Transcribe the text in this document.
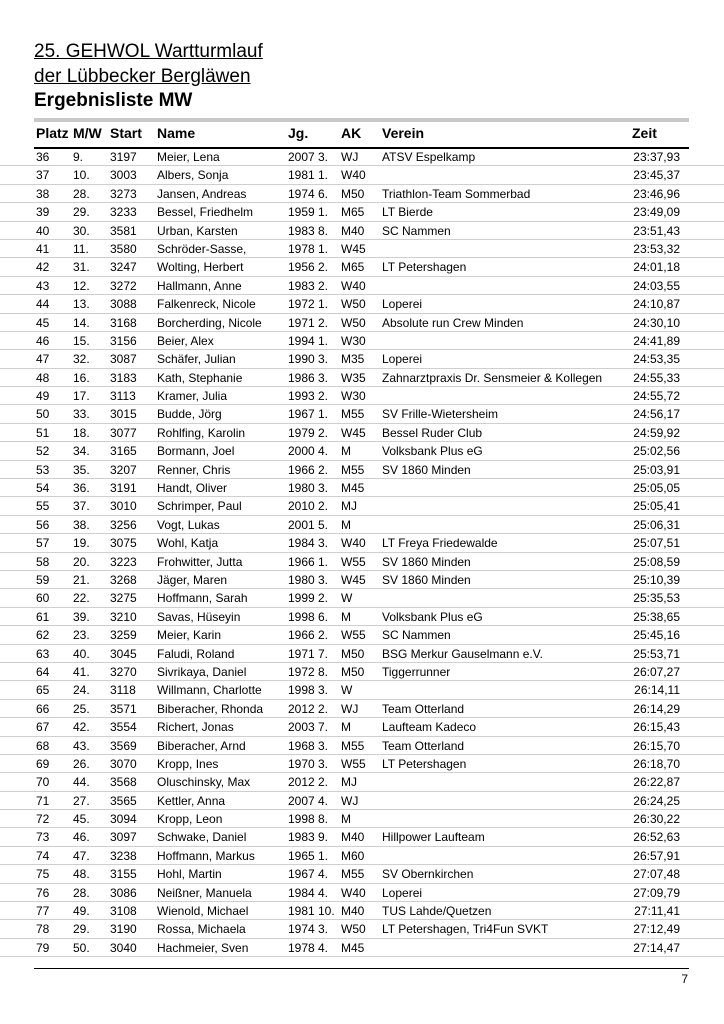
25. GEHWOL Wartturmlauf
der Lübbecker Bergläwen
Ergebnisliste MW
Platz M/W Start Name	Jg. AK Verein	Zeit
36 9. 3197 Meier, Lena	2007 3. WJ ATSV Espelkamp	23:37,93
37 10. 3003 Albers, Sonja	1981 1. W40	23:45,37
38 28. 3273 Jansen, Andreas	1974 6. M50 Triathlon-Team Sommerbad	23:46,96
39 29. 3233 Bessel, Friedhelm	1959 1. M65 LT Bierde	23:49,09
40 30. 3581 Urban, Karsten	1983 8. M40 SC Nammen	23:51,43
41 11. 3580 Schröder-Sasse,	1978 1. W45	23:53,32
42 31. 3247 Wolting, Herbert	1956 2. M65 LT Petershagen	24:01,18
43 12. 3272 Hallmann, Anne	1983 2. W40	24:03,55
44 13. 3088 Falkenreck, Nicole	1972 1. W50 Loperei	24:10,87
45 14. 3168 Borcherding, Nicole 1971 2. W50 Absolute run Crew Minden	24:30,10
46 15. 3156 Beier, Alex	1994 1. W30	24:41,89
47 32. 3087 Schäfer, Julian	1990 3. M35 Loperei	24:53,35
48 16. 3183 Kath, Stephanie	1986 3. W35 Zahnarztpraxis Dr. Sensmeier & Kollegen	24:55,33
49 17. 3113 Kramer, Julia	1993 2. W30	24:55,72
50 33. 3015 Budde, Jörg	1967 1. M55 SV Frille-Wietersheim	24:56,17
51 18. 3077 Rohlfing, Karolin	1979 2. W45 Bessel Ruder Club	24:59,92
52 34. 3165 Bormann, Joel	2000 4. M	Volksbank Plus eG	25:02,56
53 35. 3207 Renner, Chris	1966 2. M55 SV 1860 Minden	25:03,91
54 36. 3191 Handt, Oliver	1980 3. M45	25:05,05
55 37. 3010 Schrimper, Paul	2010 2. MJ	25:05,41
56 38. 3256 Vogt, Lukas	2001 5. M	25:06,31
57 19. 3075 Wohl, Katja	1984 3. W40 LT Freya Friedewalde	25:07,51
58 20. 3223 Frohwitter, Jutta	1966 1. W55 SV 1860 Minden	25:08,59
59 21. 3268 Jäger, Maren	1980 3. W45 SV 1860 Minden	25:10,39
60 22. 3275 Hoffmann, Sarah	1999 2. W	25:35,53
61 39. 3210 Savas, Hüseyin	1998 6. M	Volksbank Plus eG	25:38,65
62 23. 3259 Meier, Karin	1966 2. W55 SC Nammen	25:45,16
63 40. 3045 Faludi, Roland	1971 7. M50 BSG Merkur Gauselmann e.V.	25:53,71
64 41. 3270 Sivrikaya, Daniel	1972 8. M50 Tiggerrunner	26:07,27
65 24. 3118 Willmann, Charlotte 1998 3. W	26:14,11
66 25. 3571 Biberacher, Rhonda 2012 2. WJ Team Otterland	26:14,29
67 42. 3554 Richert, Jonas	2003 7. M	Laufteam Kadeco	26:15,43
68 43. 3569 Biberacher, Arnd	1968 3. M55 Team Otterland	26:15,70
69 26. 3070 Kropp, Ines	1970 3. W55 LT Petershagen	26:18,70
70 44. 3568 Oluschinsky, Max	2012 2. MJ	26:22,87
71 27. 3565 Kettler, Anna	2007 4. WJ	26:24,25
72 45. 3094 Kropp, Leon	1998 8. M	26:30,22
73 46. 3097 Schwake, Daniel	1983 9. M40 Hillpower Laufteam	26:52,63
74 47. 3238 Hoffmann, Markus	1965 1. M60	26:57,91
75 48. 3155 Hohl, Martin	1967 4. M55 SV Obernkirchen	27:07,48
76 28. 3086 Neißner, Manuela	1984 4. W40 Loperei	27:09,79
77 49. 3108 Wienold, Michael	1981 10. M40 TUS Lahde/Quetzen	27:11,41
78 29. 3190 Rossa, Michaela	1974 3. W50 LT Petershagen, Tri4Fun SVKT	27:12,49
79 50. 3040 Hachmeier, Sven	1978 4. M45	27:14,47
7
